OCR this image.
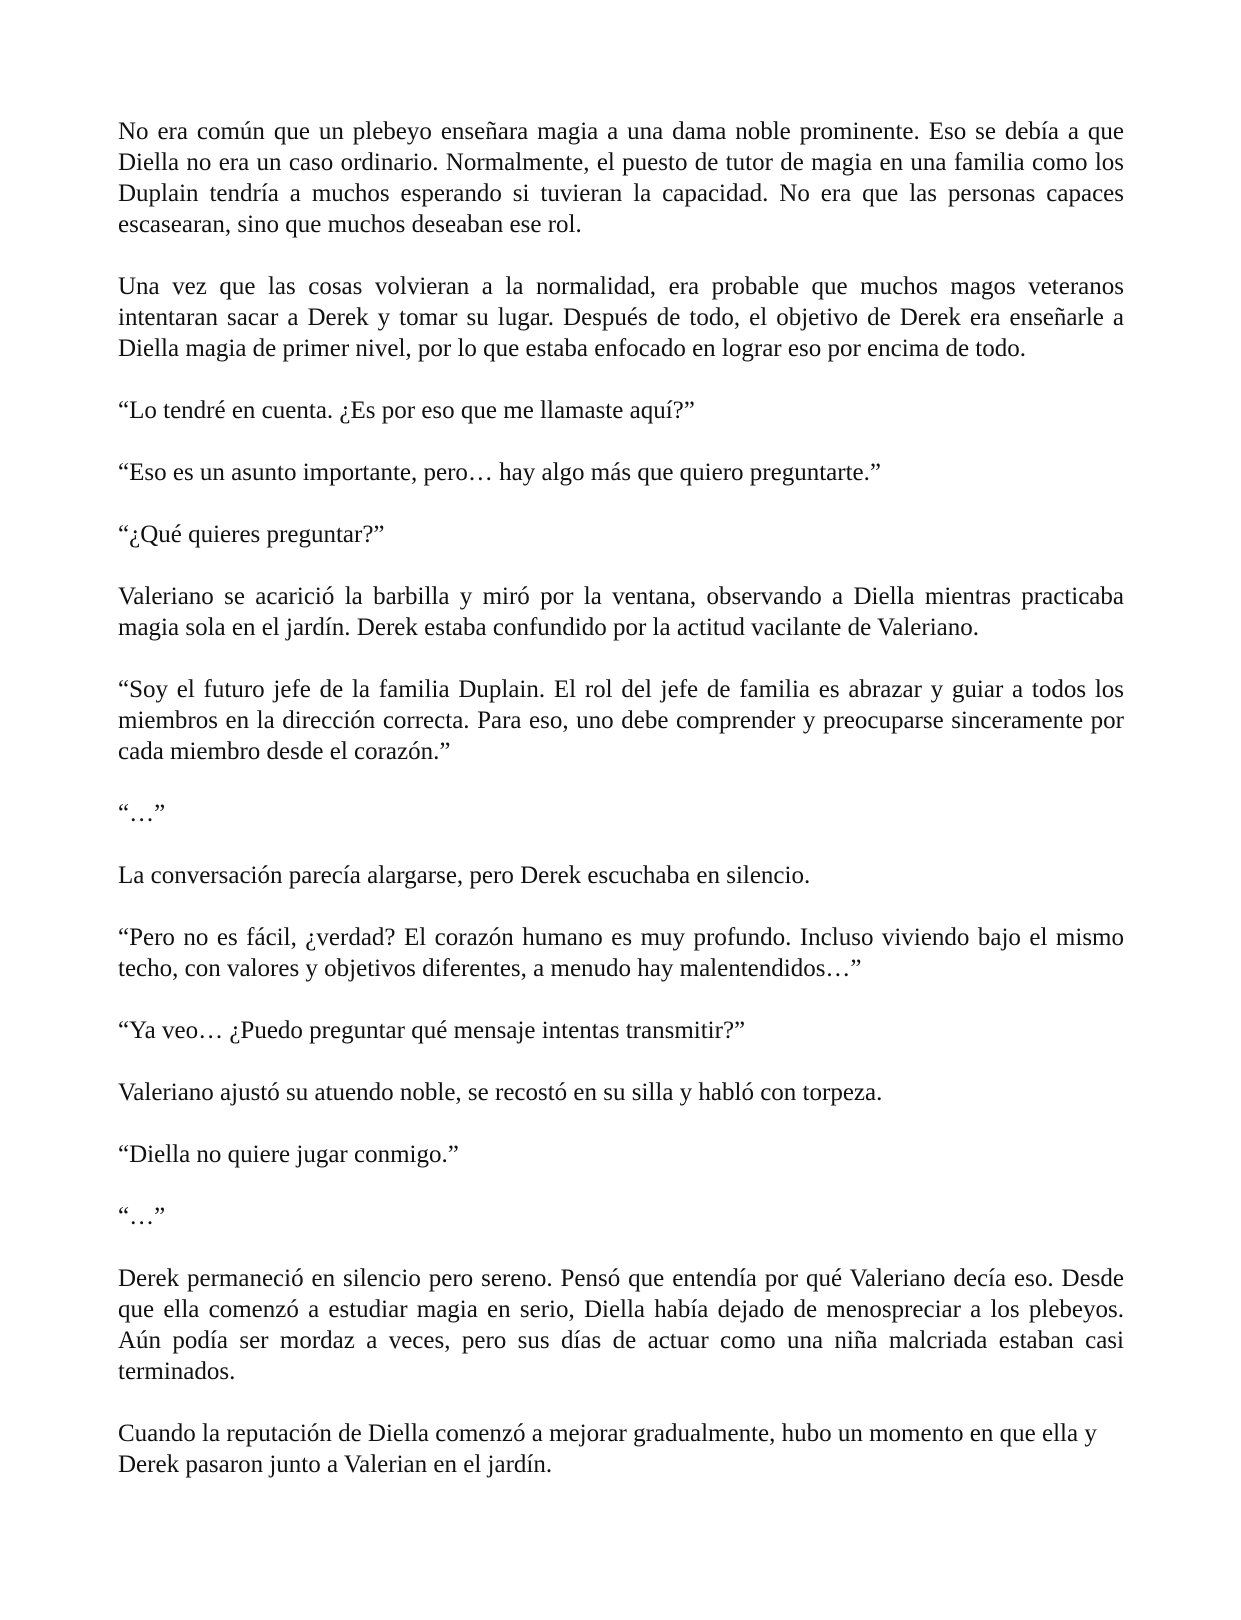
No era común que un plebeyo enseñara magia a una dama noble prominente. Eso se debía a que Diella no era un caso ordinario. Normalmente, el puesto de tutor de magia en una familia como los Duplain tendría a muchos esperando si tuvieran la capacidad. No era que las personas capaces escasearan, sino que muchos deseaban ese rol.

Una vez que las cosas volvieran a la normalidad, era probable que muchos magos veteranos intentaran sacar a Derek y tomar su lugar. Después de todo, el objetivo de Derek era enseñarle a Diella magia de primer nivel, por lo que estaba enfocado en lograr eso por encima de todo.

“Lo tendré en cuenta. ¿Es por eso que me llamaste aquí?”

“Eso es un asunto importante, pero… hay algo más que quiero preguntarte.”

“¿Qué quieres preguntar?”

Valeriano se acarició la barbilla y miró por la ventana, observando a Diella mientras practicaba magia sola en el jardín. Derek estaba confundido por la actitud vacilante de Valeriano.

“Soy el futuro jefe de la familia Duplain. El rol del jefe de familia es abrazar y guiar a todos los miembros en la dirección correcta. Para eso, uno debe comprender y preocuparse sinceramente por cada miembro desde el corazón.”

“…”

La conversación parecía alargarse, pero Derek escuchaba en silencio.

“Pero no es fácil, ¿verdad? El corazón humano es muy profundo. Incluso viviendo bajo el mismo techo, con valores y objetivos diferentes, a menudo hay malentendidos…”

“Ya veo… ¿Puedo preguntar qué mensaje intentas transmitir?”

Valeriano ajustó su atuendo noble, se recostó en su silla y habló con torpeza.

“Diella no quiere jugar conmigo.”

“…”

Derek permaneció en silencio pero sereno. Pensó que entendía por qué Valeriano decía eso. Desde que ella comenzó a estudiar magia en serio, Diella había dejado de menospreciar a los plebeyos. Aún podía ser mordaz a veces, pero sus días de actuar como una niña malcriada estaban casi terminados.

Cuando la reputación de Diella comenzó a mejorar gradualmente, hubo un momento en que ella y Derek pasaron junto a Valerian en el jardín.
